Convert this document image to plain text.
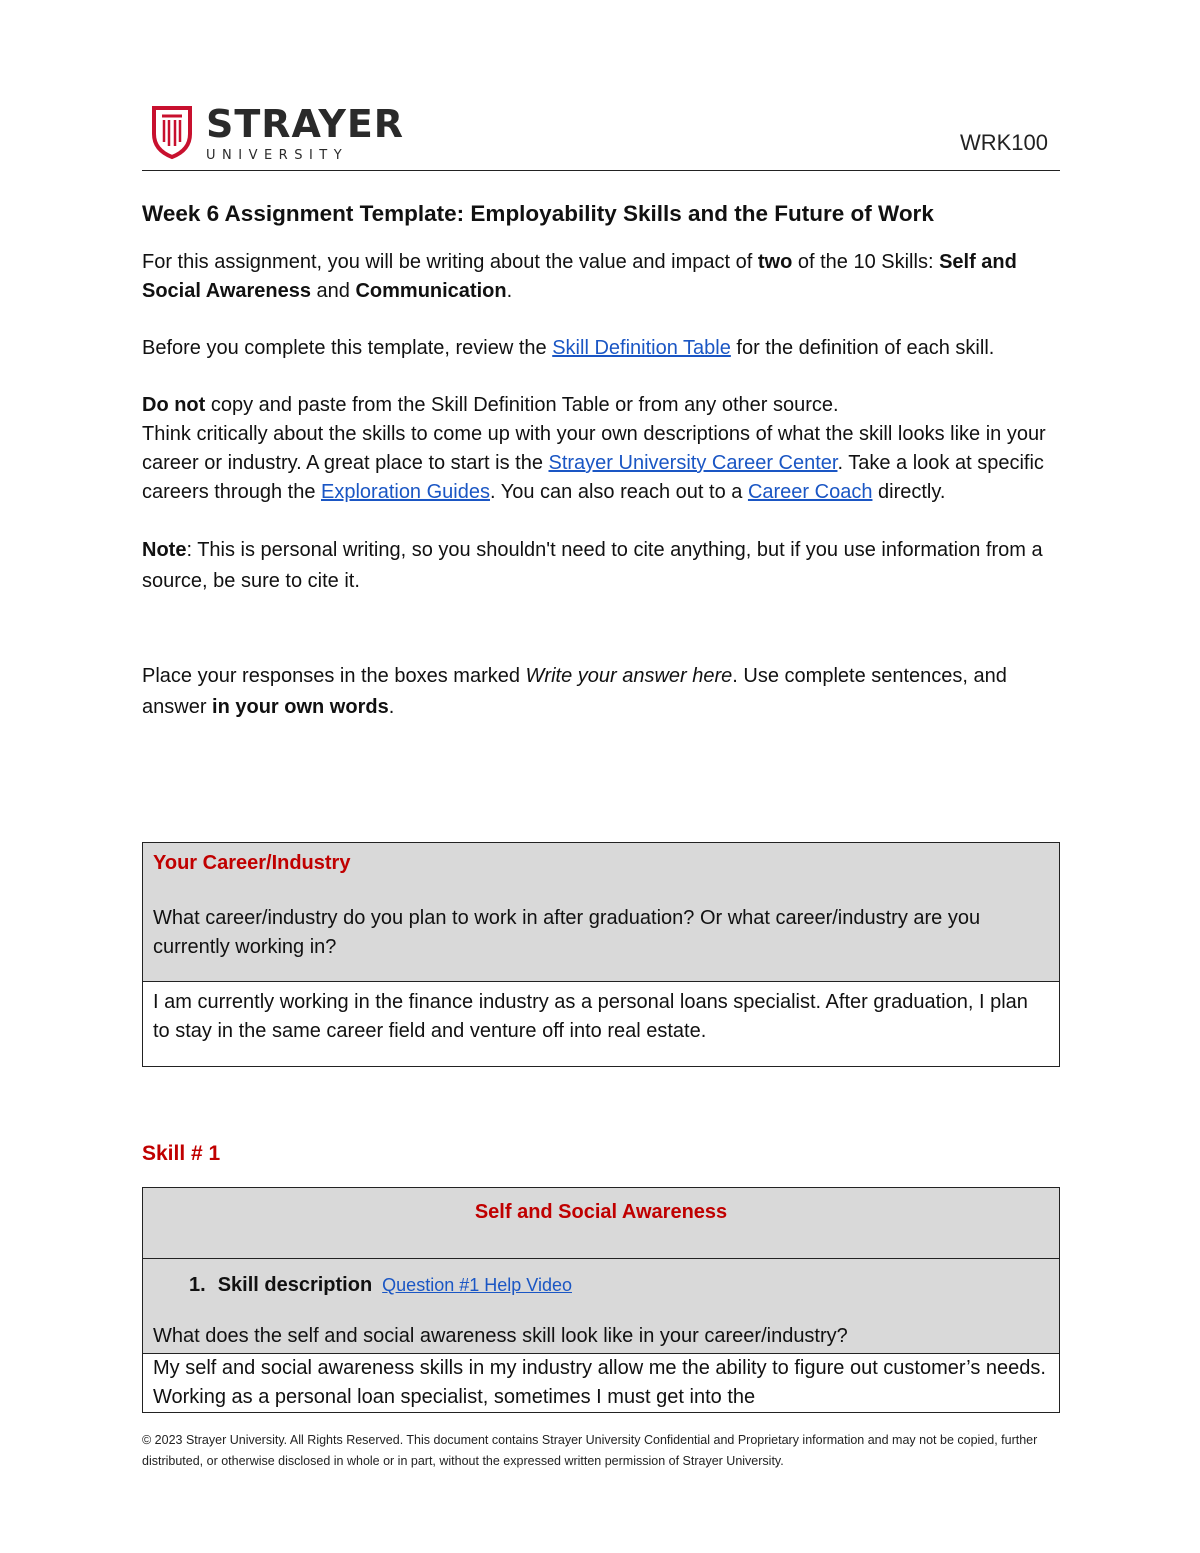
STRAYER
UNIVERSITY
WRK100
Week 6 Assignment Template: Employability Skills and the Future of Work

For this assignment, you will be writing about the value and impact of two of the 10 Skills: Self and Social Awareness and Communication.

Before you complete this template, review the Skill Definition Table for the definition of each skill.

Do not copy and paste from the Skill Definition Table or from any other source.

Think critically about the skills to come up with your own descriptions of what the skill looks like in your career or industry. A great place to start is the Strayer University Career Center. Take a look at specific careers through the Exploration Guides. You can also reach out to a Career Coach directly.

Note: This is personal writing, so you shouldn't need to cite anything, but if you use information from a source, be sure to cite it.

Place your responses in the boxes marked Write your answer here. Use complete sentences, and answer in your own words.

Your Career/Industry
What career/industry do you plan to work in after graduation? Or what career/industry are you currently working in?

I am currently working in the finance industry as a personal loans specialist. After graduation, I plan to stay in the same career field and venture off into real estate.
Skill # 1
Self and Social Awareness

1. Skill description Question #1 Help Video
What does the self and social awareness skill look like in your career/industry?

My self and social awareness skills in my industry allow me the ability to figure out customer’s needs. Working as a personal loan specialist, sometimes I must get into the
© 2023 Strayer University. All Rights Reserved. This document contains Strayer University Confidential and Proprietary information and may not be copied, further distributed, or otherwise disclosed in whole or in part, without the expressed written permission of Strayer University.
